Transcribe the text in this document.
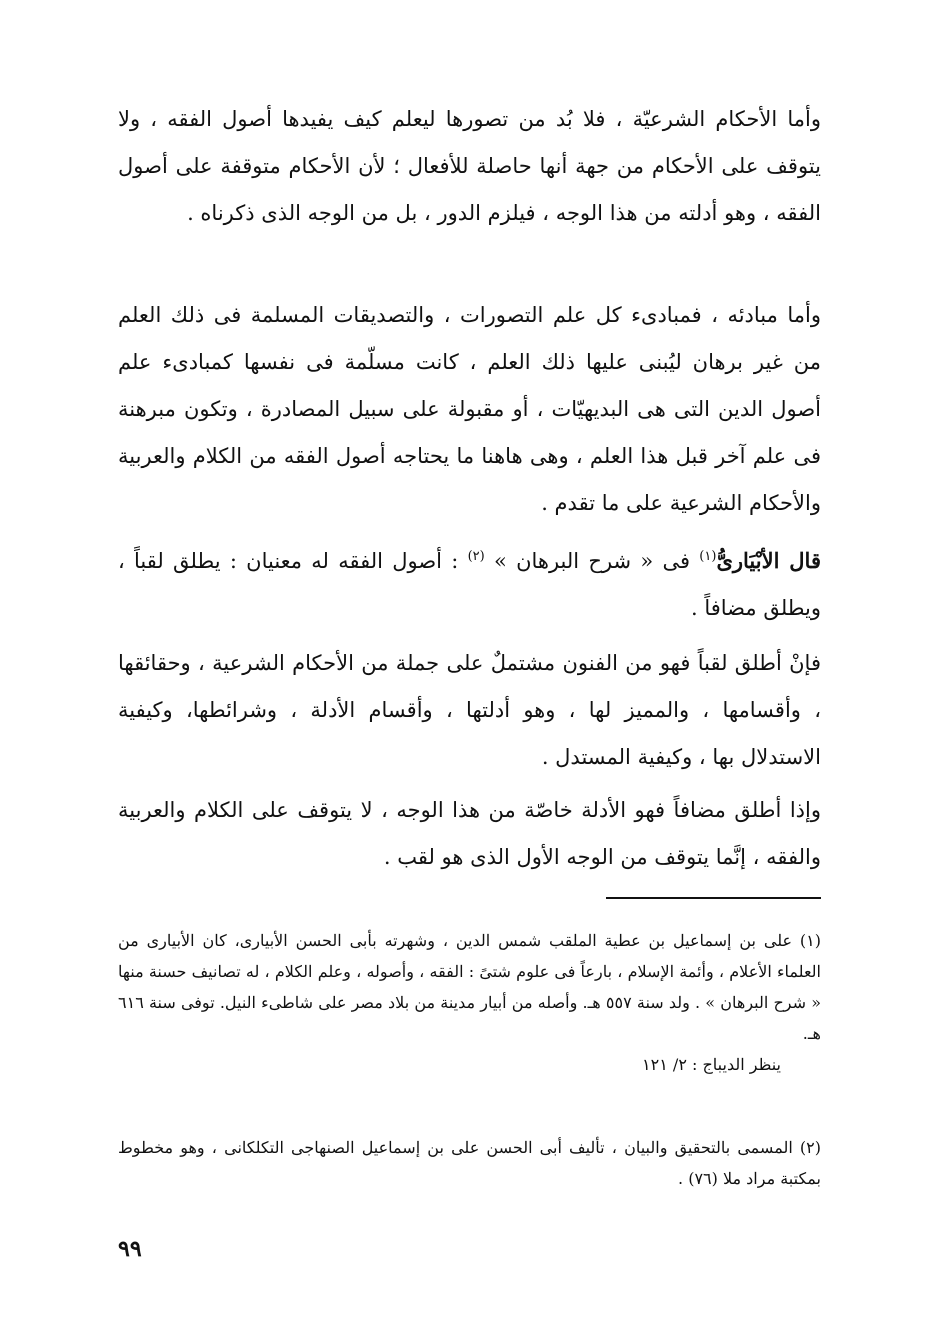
وأما الأحكام الشرعيّة ، فلا بُد من تصورها ليعلم كيف يفيدها أصول الفقه ، ولا يتوقف على الأحكام من جهة أنها حاصلة للأفعال ؛ لأن الأحكام متوقفة على أصول الفقه ، وهو أدلته من هذا الوجه ، فيلزم الدور ، بل من الوجه الذى ذكرناه .

وأما مبادئه ، فمبادىء كل علم التصورات ، والتصديقات المسلمة فى ذلك العلم من غير برهان ليُبنى عليها ذلك العلم ، كانت مسلّمة فى نفسها كمبادىء علم أصول الدين التى هى البديهيّات ، أو مقبولة على سبيل المصادرة ، وتكون مبرهنة فى علم آخر قبل هذا العلم ، وهى هاهنا ما يحتاجه أصول الفقه من الكلام والعربية والأحكام الشرعية على ما تقدم .

قال الأبْيَارىُّ$^{(١)}$ فى « شرح البرهان » $^{(٢)}$ : أصول الفقه له معنيان : يطلق لقباً ، ويطلق مضافاً .

فإنْ أطلق لقباً فهو من الفنون مشتملٌ على جملة من الأحكام الشرعية ، وحقائقها ، وأقسامها ، والمميز لها ، وهو أدلتها ، وأقسام الأدلة ، وشرائطها، وكيفية الاستدلال بها ، وكيفية المستدل .

وإذا أطلق مضافاً فهو الأدلة خاصّة من هذا الوجه ، لا يتوقف على الكلام والعربية والفقه ، إنَّما يتوقف من الوجه الأول الذى هو لقب .

(١) على بن إسماعيل بن عطية الملقب شمس الدين ، وشهرته بأبى الحسن الأبيارى، كان الأبيارى من العلماء الأعلام ، وأئمة الإسلام ، بارعاً فى علوم شتىً : الفقه ، وأصوله ، وعلم الكلام ، له تصانيف حسنة منها « شرح البرهان » . ولد سنة ٥٥٧ هـ. وأصله من أبيار مدينة من بلاد مصر على شاطىء النيل. توفى سنة ٦١٦ هـ.
ينظر الديباج : ٢/ ١٢١
(٢) المسمى بالتحقيق والبيان ، تأليف أبى الحسن على بن إسماعيل الصنهاجى التكلكانى ، وهو مخطوط بمكتبة مراد ملا (٧٦) .
٩٩
